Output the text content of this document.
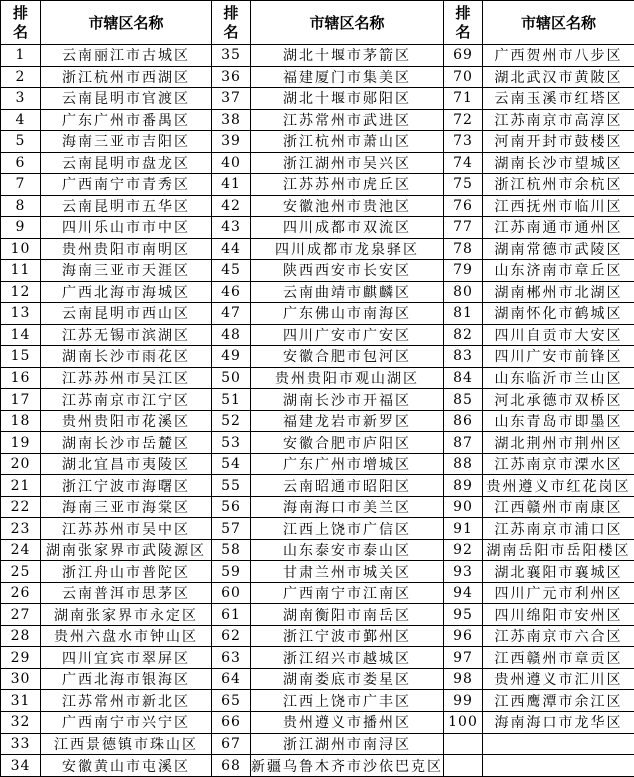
排名	市辖区名称	排名	市辖区名称	排名	市辖区名称
1	云南丽江市古城区	35	湖北十堰市茅箭区	69	广西贺州市八步区
2	浙江杭州市西湖区	36	福建厦门市集美区	70	湖北武汉市黄陂区
3	云南昆明市官渡区	37	湖北十堰市郧阳区	71	云南玉溪市红塔区
4	广东广州市番禺区	38	江苏常州市武进区	72	江苏南京市高淳区
5	海南三亚市吉阳区	39	浙江杭州市萧山区	73	河南开封市鼓楼区
6	云南昆明市盘龙区	40	浙江湖州市吴兴区	74	湖南长沙市望城区
7	广西南宁市青秀区	41	江苏苏州市虎丘区	75	浙江杭州市余杭区
8	云南昆明市五华区	42	安徽池州市贵池区	76	江西抚州市临川区
9	四川乐山市市中区	43	四川成都市双流区	77	江苏南通市通州区
10	贵州贵阳市南明区	44	四川成都市龙泉驿区	78	湖南常德市武陵区
11	海南三亚市天涯区	45	陕西西安市长安区	79	山东济南市章丘区
12	广西北海市海城区	46	云南曲靖市麒麟区	80	湖南郴州市北湖区
13	云南昆明市西山区	47	广东佛山市南海区	81	湖南怀化市鹤城区
14	江苏无锡市滨湖区	48	四川广安市广安区	82	四川自贡市大安区
15	湖南长沙市雨花区	49	安徽合肥市包河区	83	四川广安市前锋区
16	江苏苏州市吴江区	50	贵州贵阳市观山湖区	84	山东临沂市兰山区
17	江苏南京市江宁区	51	湖南长沙市开福区	85	河北承德市双桥区
18	贵州贵阳市花溪区	52	福建龙岩市新罗区	86	山东青岛市即墨区
19	湖南长沙市岳麓区	53	安徽合肥市庐阳区	87	湖北荆州市荆州区
20	湖北宜昌市夷陵区	54	广东广州市增城区	88	江苏南京市溧水区
21	浙江宁波市海曙区	55	云南昭通市昭阳区	89	贵州遵义市红花岗区
22	海南三亚市海棠区	56	海南海口市美兰区	90	江西赣州市南康区
23	江苏苏州市吴中区	57	江西上饶市广信区	91	江苏南京市浦口区
24	湖南张家界市武陵源区	58	山东泰安市泰山区	92	湖南岳阳市岳阳楼区
25	浙江舟山市普陀区	59	甘肃兰州市城关区	93	湖北襄阳市襄城区
26	云南普洱市思茅区	60	广西南宁市江南区	94	四川广元市利州区
27	湖南张家界市永定区	61	湖南衡阳市南岳区	95	四川绵阳市安州区
28	贵州六盘水市钟山区	62	浙江宁波市鄞州区	96	江苏南京市六合区
29	四川宜宾市翠屏区	63	浙江绍兴市越城区	97	江西赣州市章贡区
30	广西北海市银海区	64	湖南娄底市娄星区	98	贵州遵义市汇川区
31	江苏常州市新北区	65	江西上饶市广丰区	99	江西鹰潭市余江区
32	广西南宁市兴宁区	66	贵州遵义市播州区	100	海南海口市龙华区
33	江西景德镇市珠山区	67	浙江湖州市南浔区		
34	安徽黄山市屯溪区	68	新疆乌鲁木齐市沙依巴克区		
